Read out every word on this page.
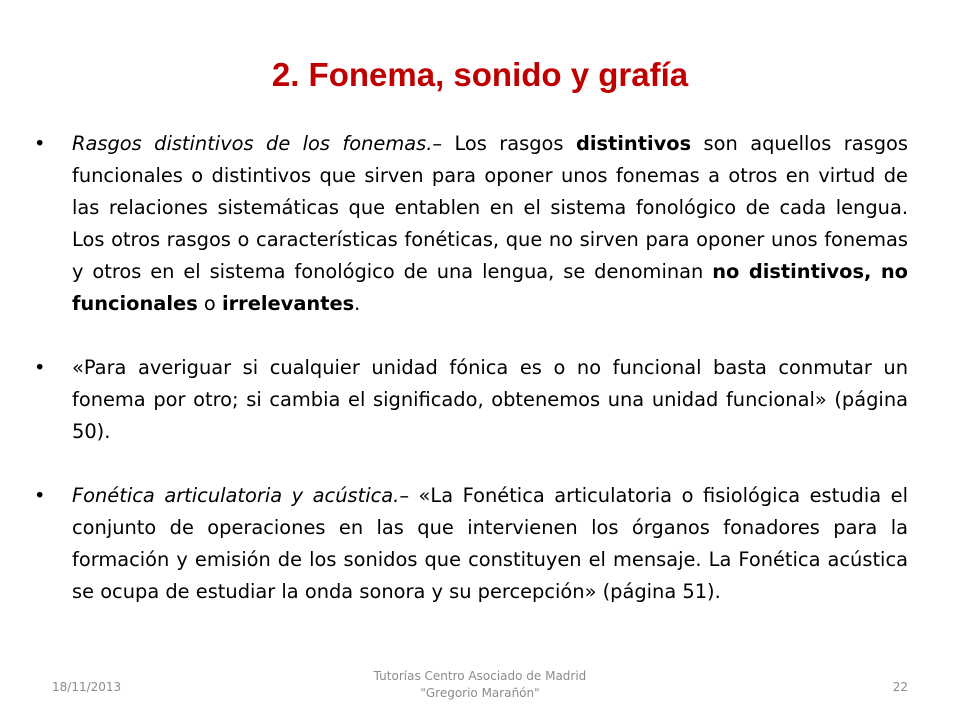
2. Fonema, sonido y grafía

• Rasgos distintivos de los fonemas.– Los rasgos distintivos son aquellos rasgos funcionales o distintivos que sirven para oponer unos fonemas a otros en virtud de las relaciones sistemáticas que entablen en el sistema fonológico de cada lengua. Los otros rasgos o características fonéticas, que no sirven para oponer unos fonemas y otros en el sistema fonológico de una lengua, se denominan no distintivos, no funcionales o irrelevantes.

• «Para averiguar si cualquier unidad fónica es o no funcional basta conmutar un fonema por otro; si cambia el significado, obtenemos una unidad funcional» (página 50).

• Fonética articulatoria y acústica.– «La Fonética articulatoria o fisiológica estudia el conjunto de operaciones en las que intervienen los órganos fonadores para la formación y emisión de los sonidos que constituyen el mensaje. La Fonética acústica se ocupa de estudiar la onda sonora y su percepción» (página 51).

18/11/2013
Tutorías Centro Asociado de Madrid
"Gregorio Marañón"	22
